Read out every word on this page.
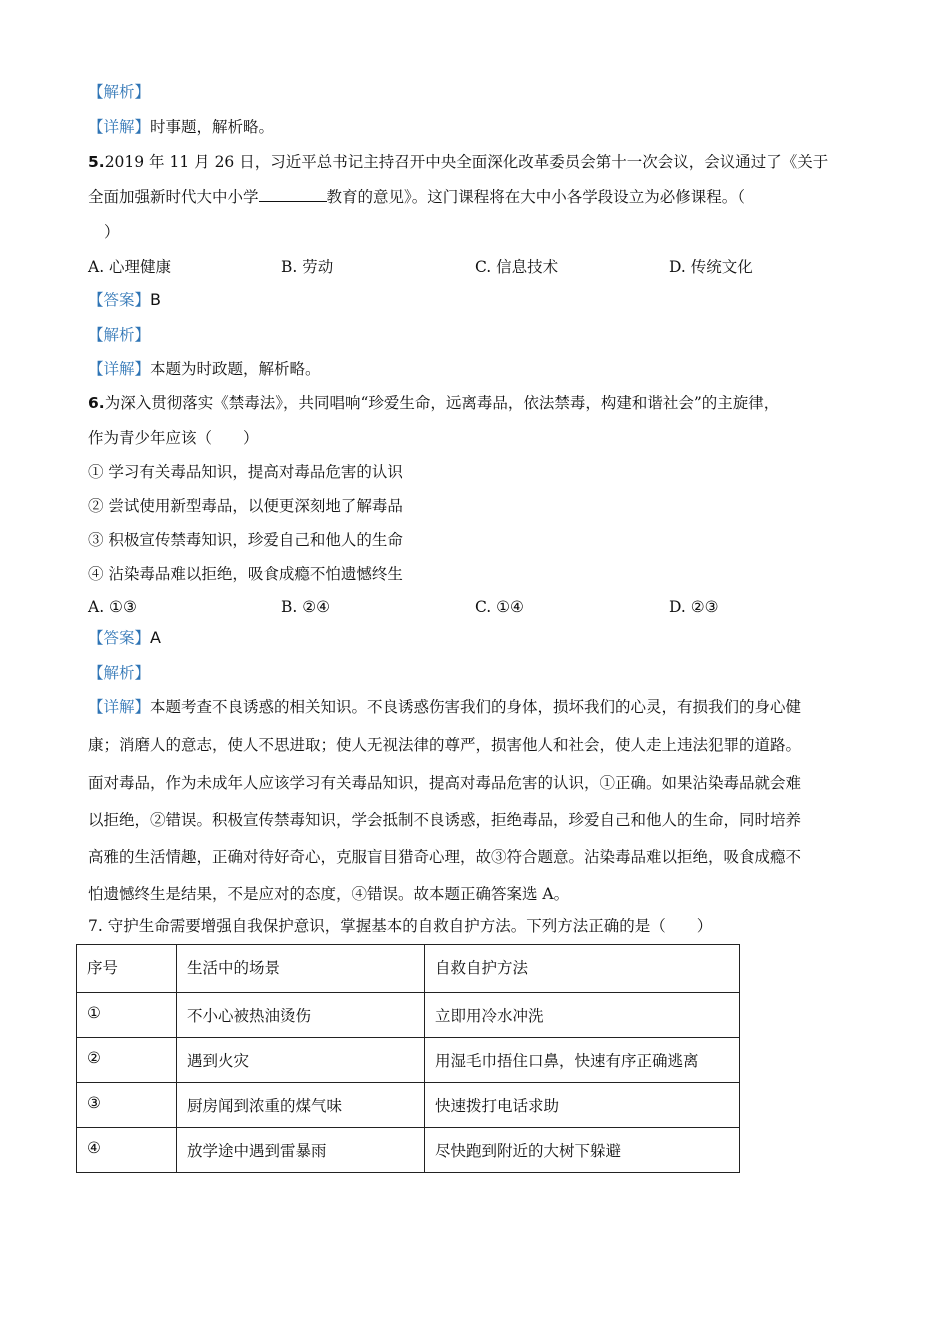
【解析】
【详解】时事题，解析略。
5.2019 年 11 月 26 日，习近平总书记主持召开中央全面深化改革委员会第十一次会议，会议通过了《关于
全面加强新时代大中小学	教育的意见》。这门课程将在大中小各学段设立为必修课程。（
）
A. 心理健康	B. 劳动	C. 信息技术	D. 传统文化
【答案】B
【解析】
【详解】本题为时政题，解析略。
6.为深入贯彻落实《禁毒法》，共同唱响“珍爱生命，远离毒品，依法禁毒，构建和谐社会”的主旋律，
作为青少年应该（　　）
① 学习有关毒品知识，提高对毒品危害的认识
② 尝试使用新型毒品，以便更深刻地了解毒品
③ 积极宣传禁毒知识，珍爱自己和他人的生命
④ 沾染毒品难以拒绝，吸食成瘾不怕遗憾终生
A. ①③	B. ②④	C. ①④	D. ②③
【答案】A
【解析】
【详解】本题考查不良诱惑的相关知识。不良诱惑伤害我们的身体，损坏我们的心灵，有损我们的身心健
康；消磨人的意志，使人不思进取；使人无视法律的尊严，损害他人和社会，使人走上违法犯罪的道路。
面对毒品，作为未成年人应该学习有关毒品知识，提高对毒品危害的认识，①正确。如果沾染毒品就会难
以拒绝，②错误。积极宣传禁毒知识，学会抵制不良诱惑，拒绝毒品，珍爱自己和他人的生命，同时培养
高雅的生活情趣，正确对待好奇心，克服盲目猎奇心理，故③符合题意。沾染毒品难以拒绝，吸食成瘾不
怕遗憾终生是结果，不是应对的态度，④错误。故本题正确答案选 A。
7. 守护生命需要增强自我保护意识，掌握基本的自救自护方法。下列方法正确的是（　　）
序号	生活中的场景	自救自护方法
①	不小心被热油烫伤	立即用冷水冲洗
②	遇到火灾	用湿毛巾捂住口鼻，快速有序正确逃离
③	厨房闻到浓重的煤气味	快速拨打电话求助
④	放学途中遇到雷暴雨	尽快跑到附近的大树下躲避
